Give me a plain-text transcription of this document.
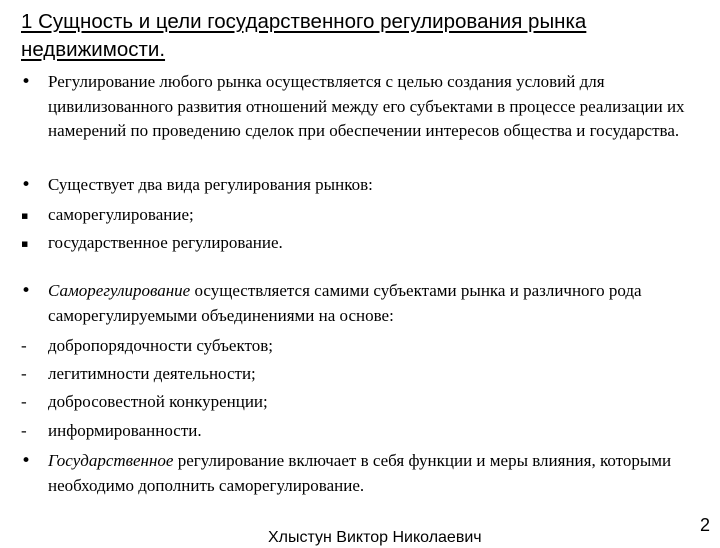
1 Сущность и цели государственного регулирования рынка недвижимости.
• Регулирование любого рынка осуществляется с целью создания условий для цивилизованного развития отношений между его субъектами в процессе реализации их намерений по проведению сделок при обеспечении интересов общества и государства.
• Существует два вида регулирования рынков:
▪	саморегулирование;
▪	государственное регулирование.
• Саморегулирование осуществляется самими субъектами рынка и различного рода саморегулируемыми объединениями на основе:
-	добропорядочности субъектов;
-	легитимности деятельности;
-	добросовестной конкуренции;
-	информированности.
• Государственное регулирование включает в себя функции и меры влияния, которыми необходимо дополнить саморегулирование.
Хлыстун Виктор Николаевич
2
